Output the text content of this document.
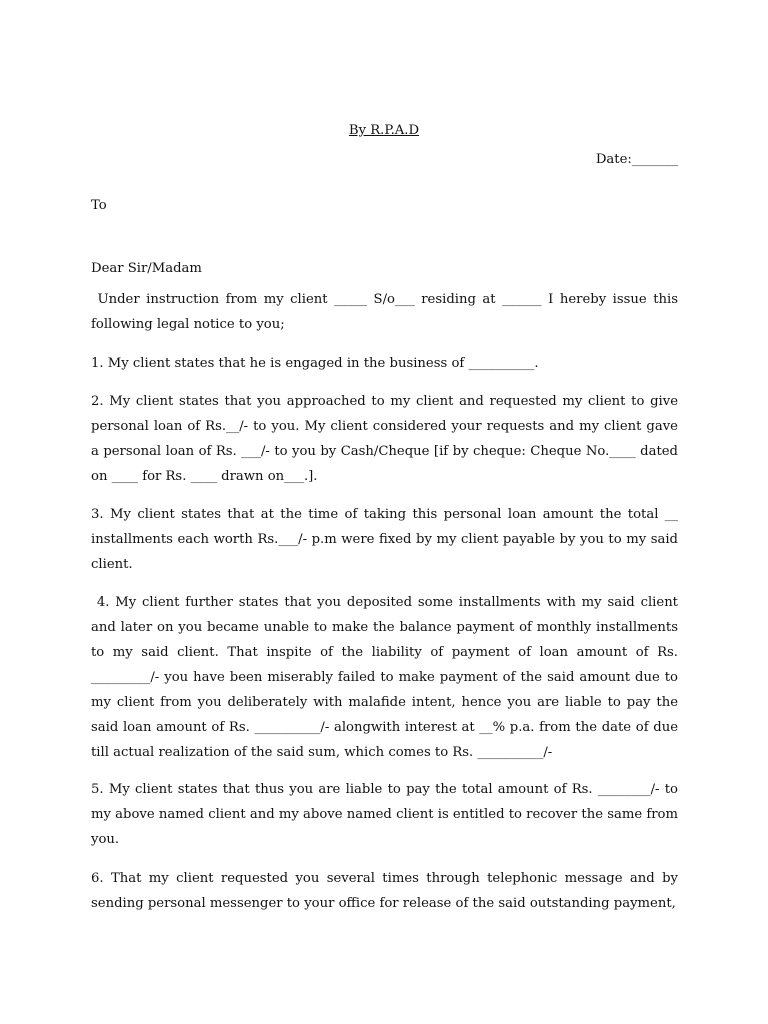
By R.P.A.D
Date:_______
To
Dear Sir/Madam
Under instruction from my client _____ S/o___ residing at ______ I hereby issue this following legal notice to you;
1. My client states that he is engaged in the business of __________.
2. My client states that you approached to my client and requested my client to give personal loan of Rs.__/- to you. My client considered your requests and my client gave a personal loan of Rs. ___/- to you by Cash/Cheque [if by cheque: Cheque No.____ dated on ____ for Rs. ____ drawn on___.].
3. My client states that at the time of taking this personal loan amount the total __ installments each worth Rs.___/- p.m were fixed by my client payable by you to my said client.
4. My client further states that you deposited some installments with my said client and later on you became unable to make the balance payment of monthly installments to my said client. That inspite of the liability of payment of loan amount of Rs. _________/- you have been miserably failed to make payment of the said amount due to my client from you deliberately with malafide intent, hence you are liable to pay the said loan amount of Rs. __________/- alongwith interest at __% p.a. from the date of due till actual realization of the said sum, which comes to Rs. __________/-
5. My client states that thus you are liable to pay the total amount of Rs. ________/- to my above named client and my above named client is entitled to recover the same from you.
6. That my client requested you several times through telephonic message and by sending personal messenger to your office for release of the said outstanding payment,
